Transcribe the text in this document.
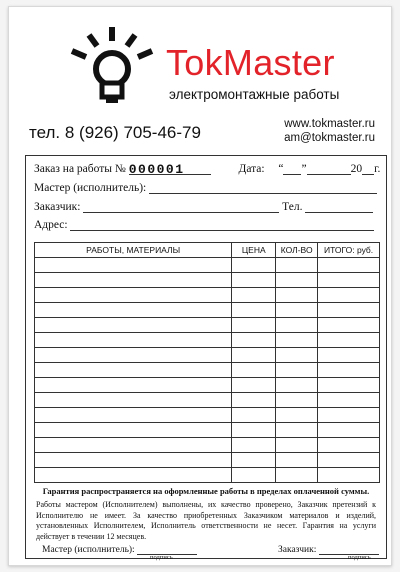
TokMaster
электромонтажные работы
тел. 8 (926) 705-46-79	www.tokmaster.ru
am@tokmaster.ru
Заказ на работы № 000001	Дата: “ ”	20 г.
Мастер (исполнитель):
Заказчик:	Тел.
Адрес:
РАБОТЫ, МАТЕРИАЛЫ	ЦЕНА	КОЛ-ВО	ИТОГО: руб.

Гарантия распространяется на оформленные работы в пределах оплаченной суммы.
Работы мастером (Исполнителем) выполнены, их качество проверено, Заказчик претензий к Исполнителю не имеет. За качество приобретенных Заказчиком материалов и изделий, установленных Исполнителем, Исполнитель ответственности не несет. Гарантия на услуги действует в течении 12 месяцев.
Мастер (исполнитель):
подпись
Заказчик:
подпись
